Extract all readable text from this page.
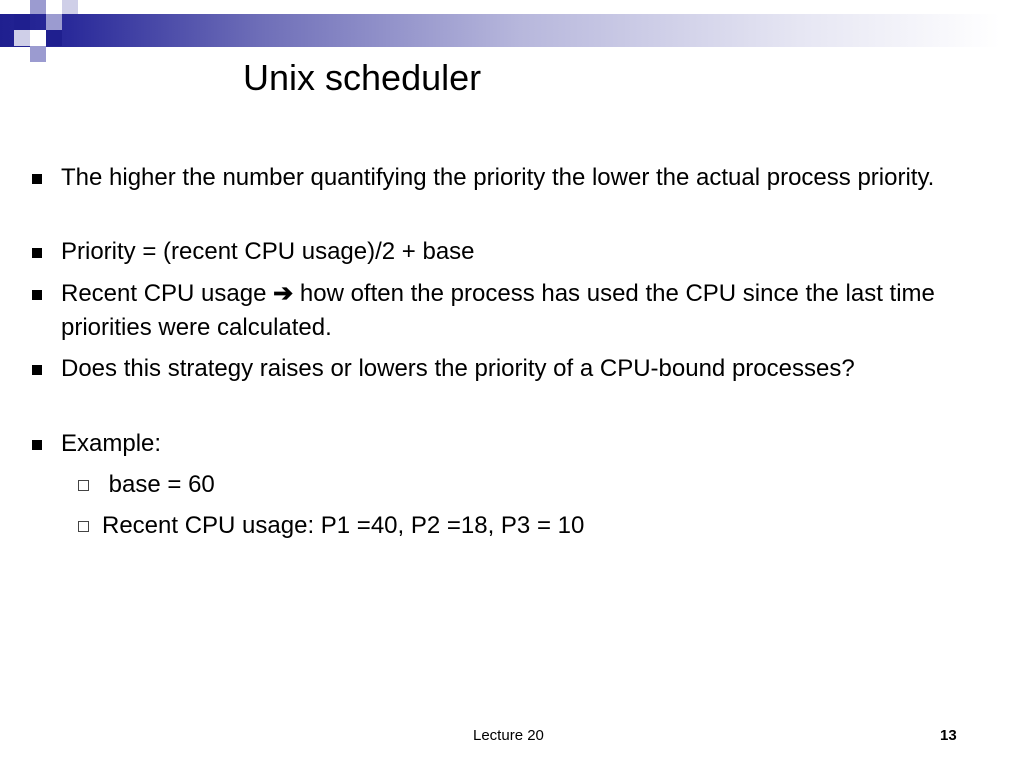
Unix scheduler
The higher the number quantifying the priority the lower the actual process priority.
Priority = (recent CPU usage)/2 + base
Recent CPU usage ➔ how often the process has used the CPU since the last time priorities were calculated.
Does this strategy raises or lowers the priority of a CPU-bound processes?
Example:
base = 60
Recent CPU usage: P1 =40, P2 =18, P3 = 10
Lecture 20	13
